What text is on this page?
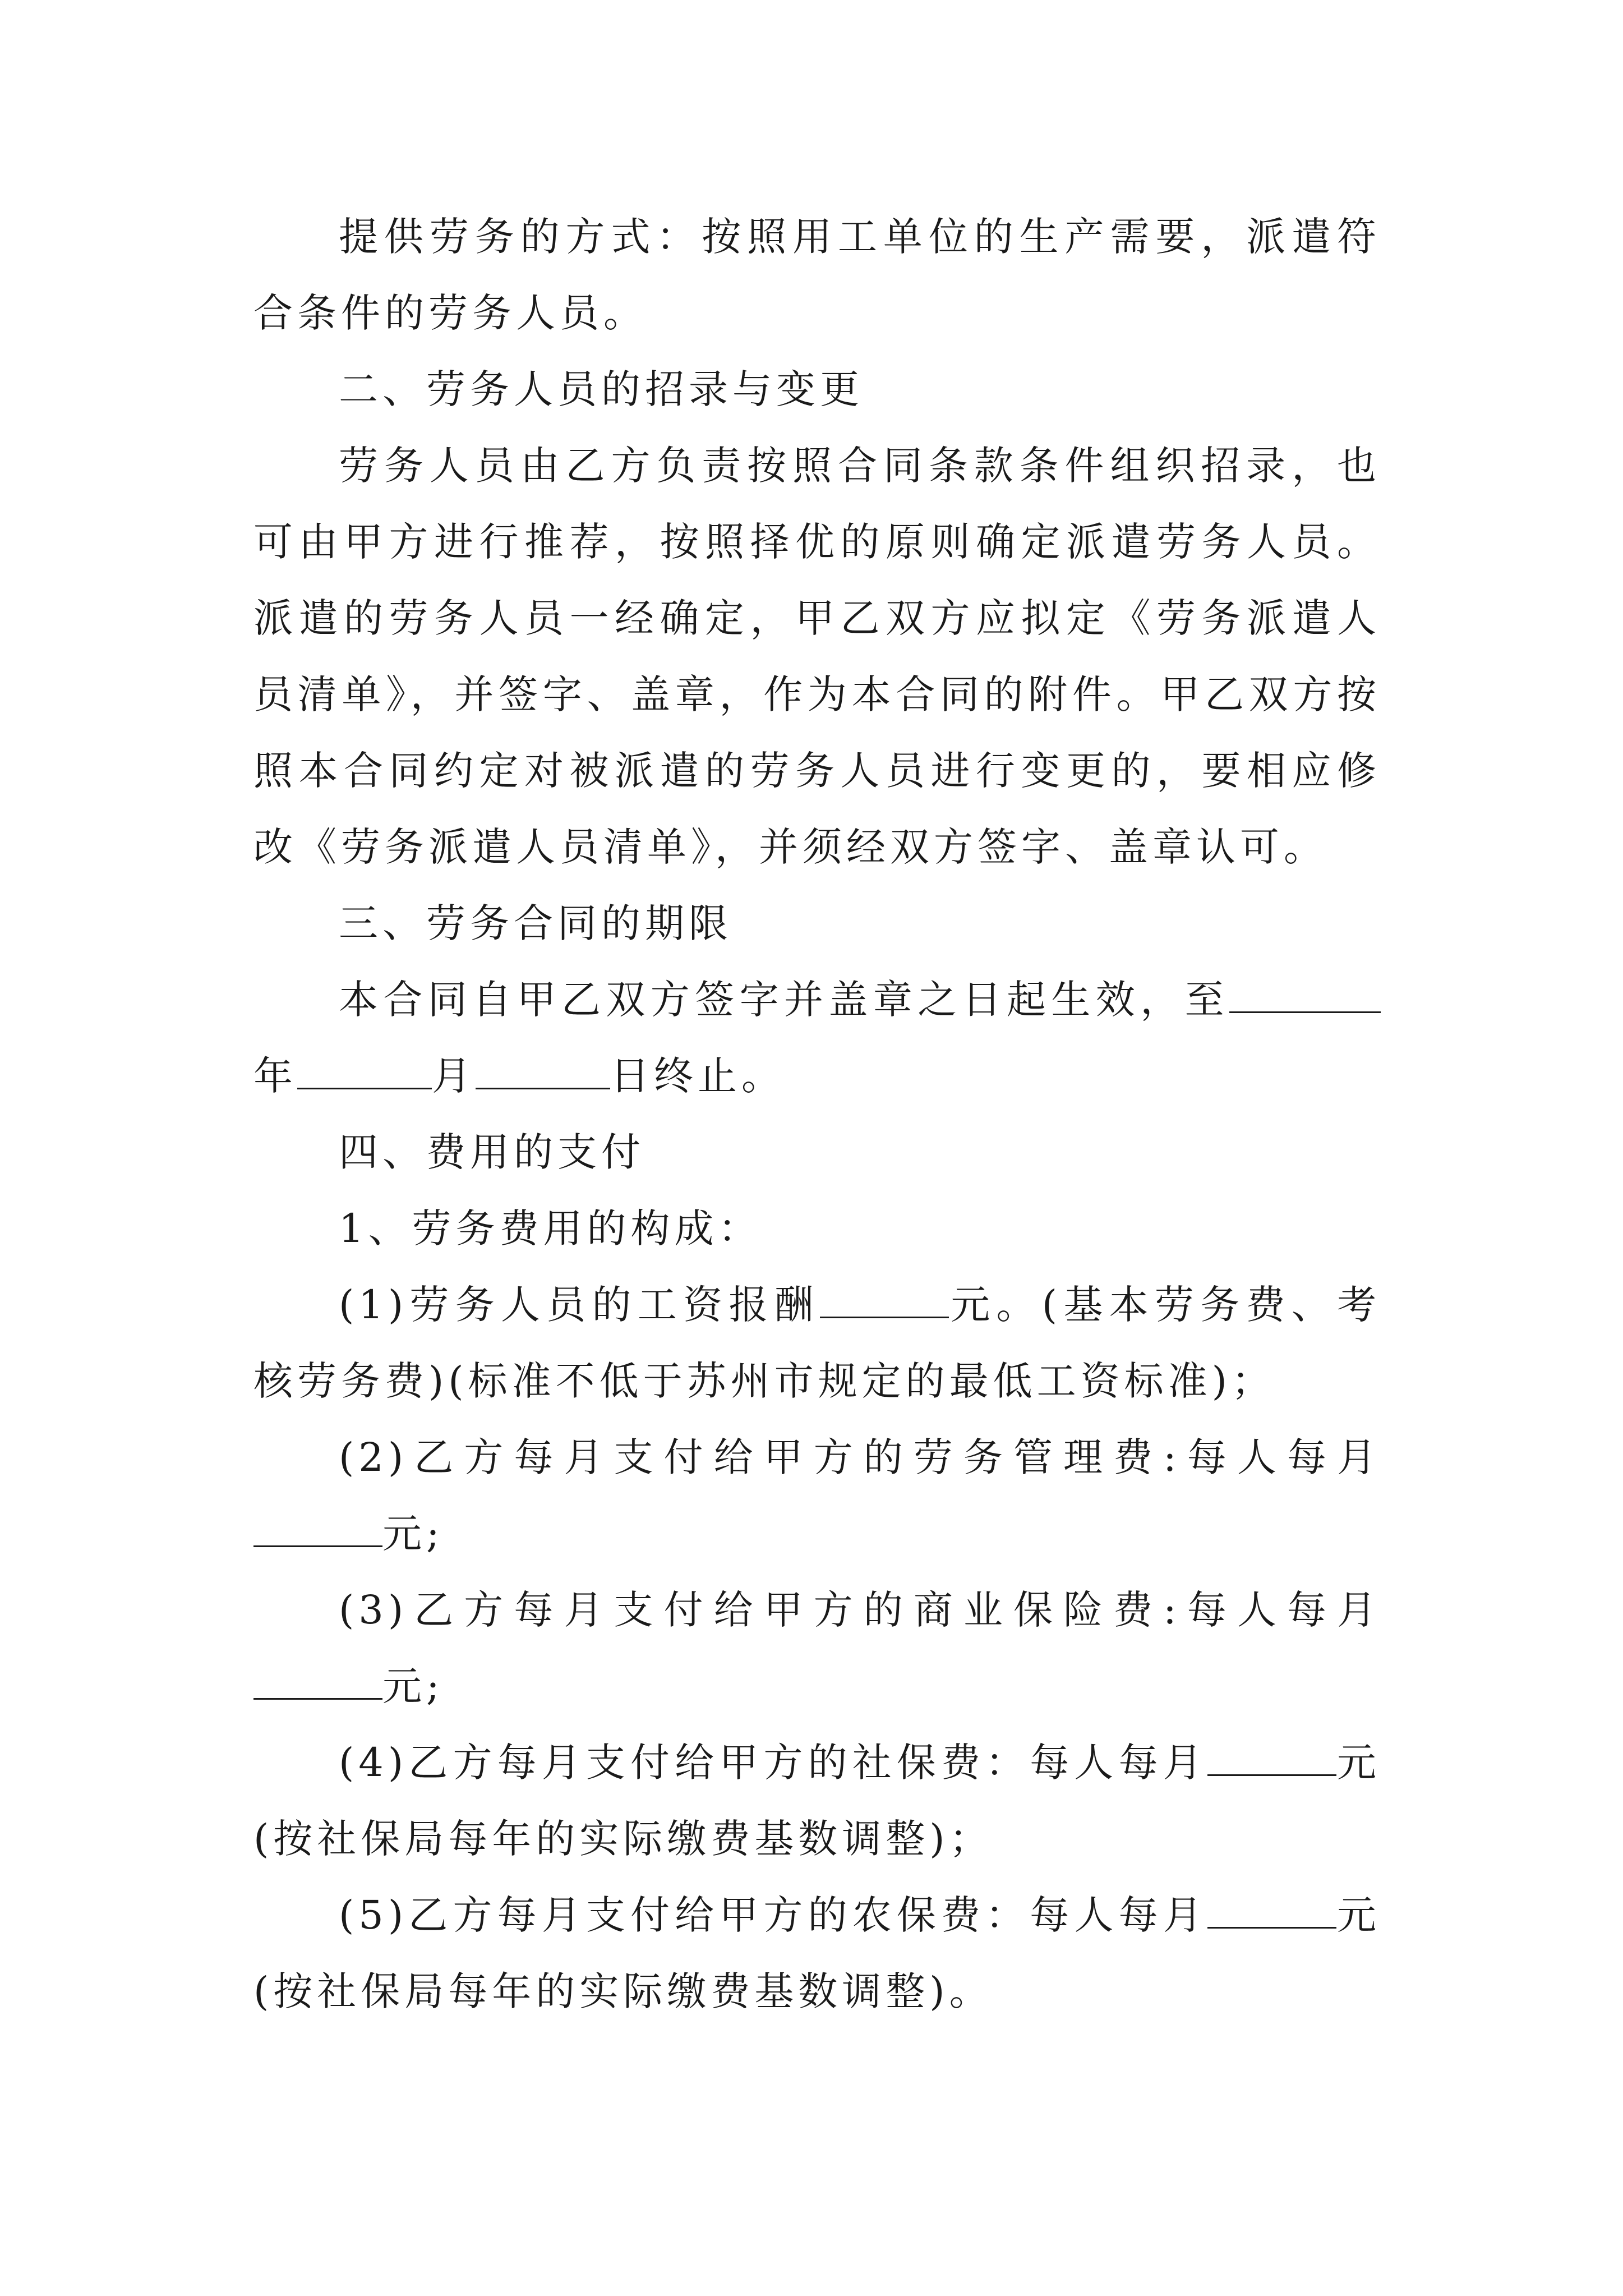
提供劳务的方式：按照用工单位的生产需要，派遣符合条件的劳务人员。

二、劳务人员的招录与变更

劳务人员由乙方负责按照合同条款条件组织招录，也可由甲方进行推荐，按照择优的原则确定派遣劳务人员。派遣的劳务人员一经确定，甲乙双方应拟定《劳务派遣人员清单》，并签字、盖章，作为本合同的附件。甲乙双方按照本合同约定对被派遣的劳务人员进行变更的，要相应修改《劳务派遣人员清单》，并须经双方签字、盖章认可。

三、劳务合同的期限

本合同自甲乙双方签字并盖章之日起生效，至年	月	日终止。

四、费用的支付

1、劳务费用的构成：

(1)劳务人员的工资报酬	元。(基本劳务费、考核劳务费)(标准不低于苏州市规定的最低工资标准)；

(2)乙方每月支付给甲方的劳务管理费:每人每月元;

(3)乙方每月支付给甲方的商业保险费:每人每月元;

(4)乙方每月支付给甲方的社保费：每人每月	元(按社保局每年的实际缴费基数调整)；

(5)乙方每月支付给甲方的农保费：每人每月	元(按社保局每年的实际缴费基数调整)。
